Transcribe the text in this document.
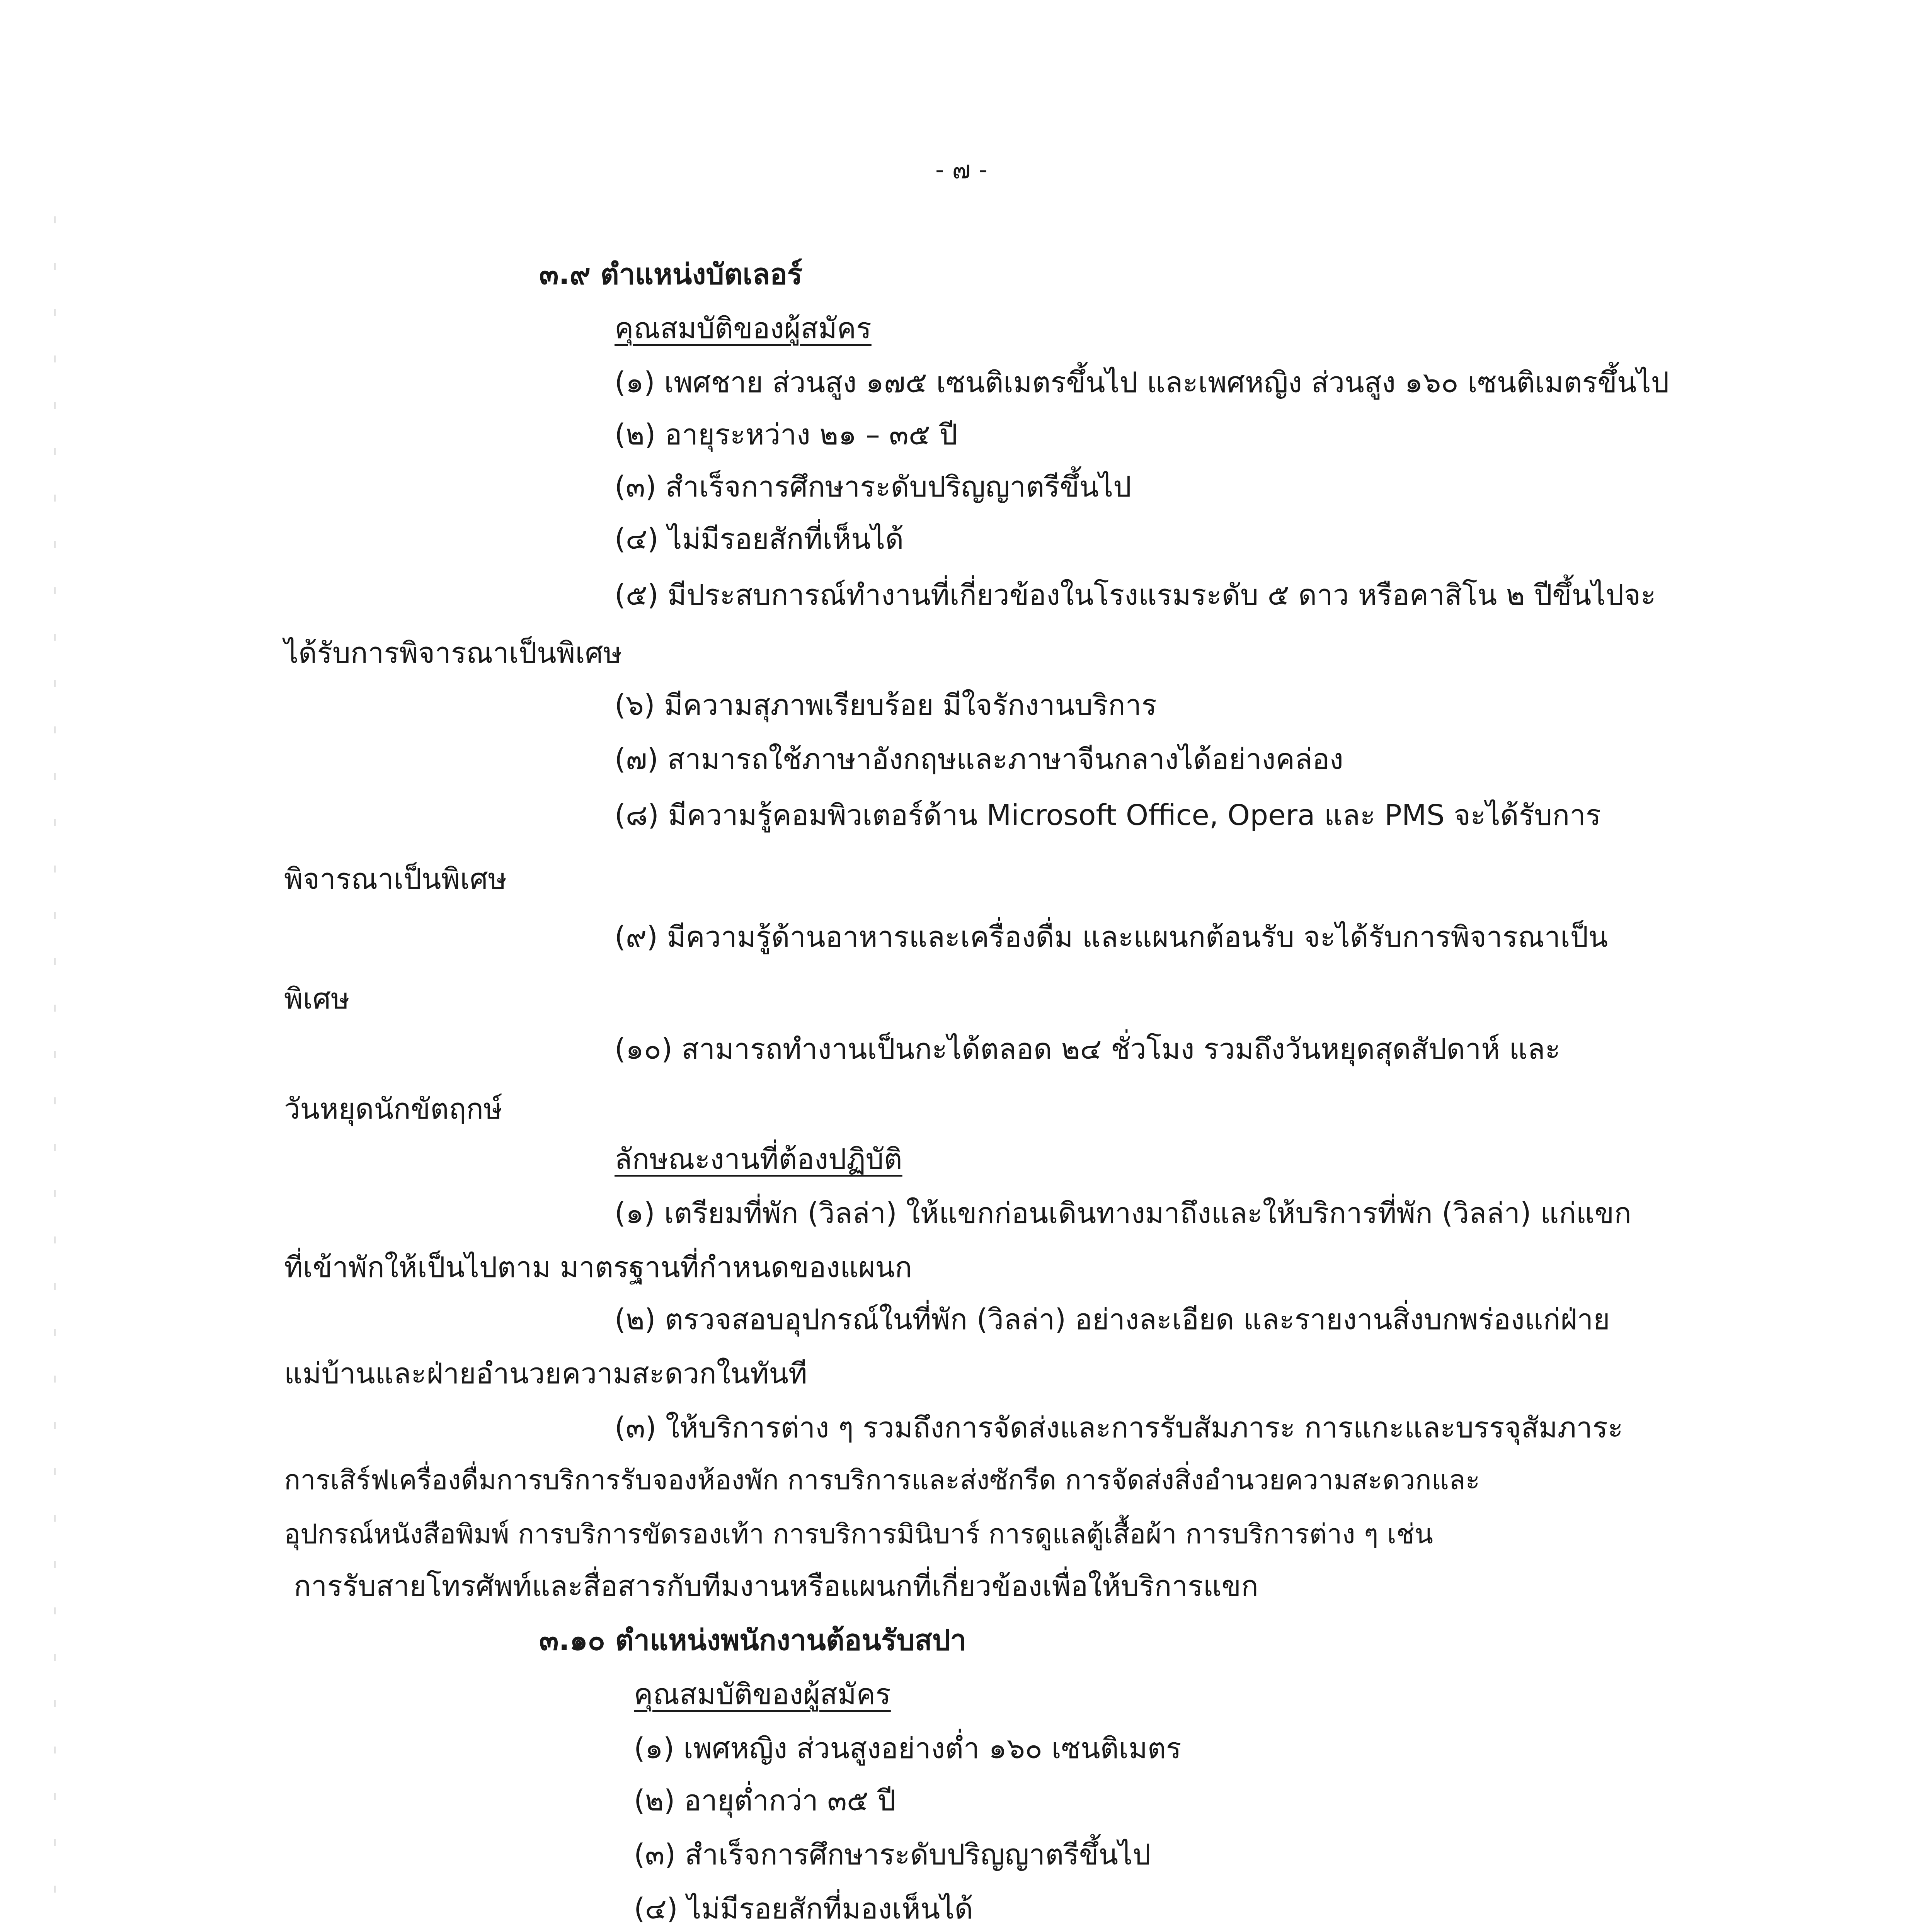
- ๗ -
๓.๙ ตำแหน่งบัตเลอร์
คุณสมบัติของผู้สมัคร
(๑) เพศชาย ส่วนสูง ๑๗๕ เซนติเมตรขึ้นไป และเพศหญิง ส่วนสูง ๑๖๐ เซนติเมตรขึ้นไป
(๒) อายุระหว่าง ๒๑ – ๓๕ ปี
(๓) สำเร็จการศึกษาระดับปริญญาตรีขึ้นไป
(๔) ไม่มีรอยสักที่เห็นได้
(๕) มีประสบการณ์ทำงานที่เกี่ยวข้องในโรงแรมระดับ ๕ ดาว หรือคาสิโน ๒ ปีขึ้นไปจะ
ได้รับการพิจารณาเป็นพิเศษ
(๖) มีความสุภาพเรียบร้อย มีใจรักงานบริการ
(๗) สามารถใช้ภาษาอังกฤษและภาษาจีนกลางได้อย่างคล่อง
(๘) มีความรู้คอมพิวเตอร์ด้าน Microsoft Office, Opera และ PMS จะได้รับการ
พิจารณาเป็นพิเศษ
(๙) มีความรู้ด้านอาหารและเครื่องดื่ม และแผนกต้อนรับ จะได้รับการพิจารณาเป็น
พิเศษ
(๑๐) สามารถทำงานเป็นกะได้ตลอด ๒๔ ชั่วโมง รวมถึงวันหยุดสุดสัปดาห์ และ
วันหยุดนักขัตฤกษ์
ลักษณะงานที่ต้องปฏิบัติ
(๑) เตรียมที่พัก (วิลล่า) ให้แขกก่อนเดินทางมาถึงและให้บริการที่พัก (วิลล่า) แก่แขก
ที่เข้าพักให้เป็นไปตาม มาตรฐานที่กำหนดของแผนก
(๒) ตรวจสอบอุปกรณ์ในที่พัก (วิลล่า) อย่างละเอียด และรายงานสิ่งบกพร่องแก่ฝ่าย
แม่บ้านและฝ่ายอำนวยความสะดวกในทันที
(๓) ให้บริการต่าง ๆ รวมถึงการจัดส่งและการรับสัมภาระ การแกะและบรรจุสัมภาระ
การเสิร์ฟเครื่องดื่มการบริการรับจองห้องพัก การบริการและส่งซักรีด การจัดส่งสิ่งอำนวยความสะดวกและ
อุปกรณ์หนังสือพิมพ์ การบริการขัดรองเท้า การบริการมินิบาร์ การดูแลตู้เสื้อผ้า การบริการต่าง ๆ เช่น
การรับสายโทรศัพท์และสื่อสารกับทีมงานหรือแผนกที่เกี่ยวข้องเพื่อให้บริการแขก
๓.๑๐ ตำแหน่งพนักงานต้อนรับสปา
คุณสมบัติของผู้สมัคร
(๑) เพศหญิง ส่วนสูงอย่างต่ำ ๑๖๐ เซนติเมตร
(๒) อายุต่ำกว่า ๓๕ ปี
(๓) สำเร็จการศึกษาระดับปริญญาตรีขึ้นไป
(๔) ไม่มีรอยสักที่มองเห็นได้
